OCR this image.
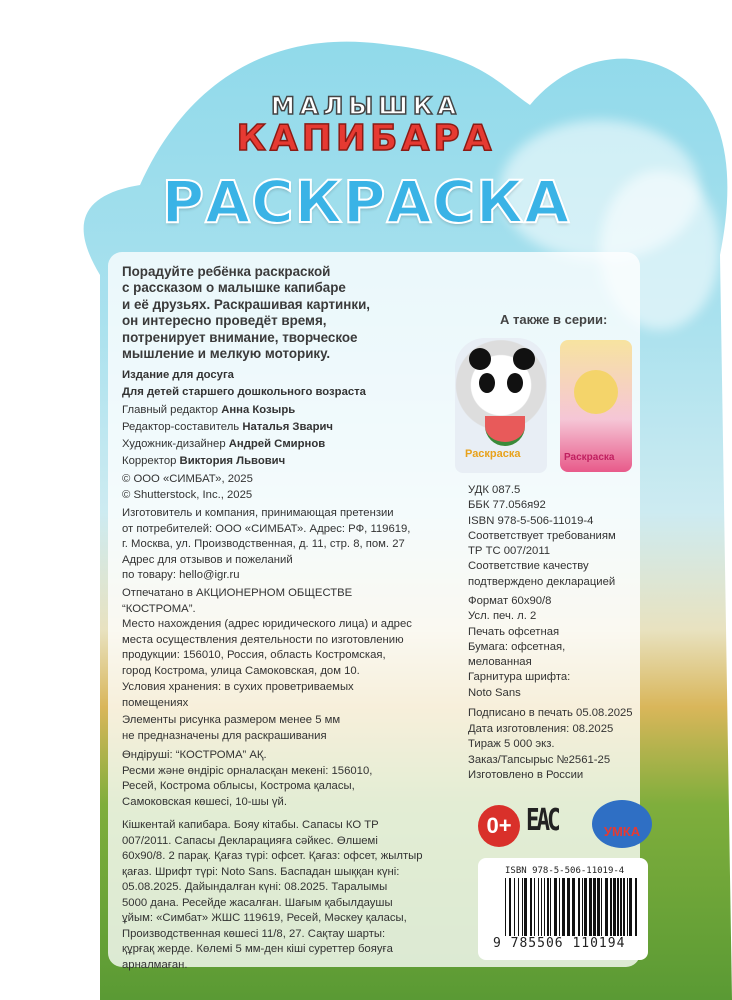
МАЛЫШКА
КАПИБАРА
РАСКРАСКА
Порадуйте ребёнка раскраской
с рассказом о малышке капибаре
и её друзьях. Раскрашивая картинки,
он интересно проведёт время,
потренирует внимание, творческое
мышление и мелкую моторику.
Издание для досуга
Для детей старшего дошкольного возраста
Главный редактор Анна Козырь
Редактор-составитель Наталья Зварич
Художник-дизайнер Андрей Смирнов
Корректор Виктория Львович
© ООО «СИМБАТ», 2025
© Shutterstock, Inc., 2025
Изготовитель и компания, принимающая претензии
от потребителей: ООО «СИМБАТ». Адрес: РФ, 119619,
г. Москва, ул. Производственная, д. 11, стр. 8, пом. 27
Адрес для отзывов и пожеланий
по товару: hello@igr.ru
Отпечатано в АКЦИОНЕРНОМ ОБЩЕСТВЕ
“КОСТРОМА”.
Место нахождения (адрес юридического лица) и адрес
места осуществления деятельности по изготовлению
продукции: 156010, Россия, область Костромская,
город Кострома, улица Самоковская, дом 10.
Условия хранения: в сухих проветриваемых
помещениях
Элементы рисунка размером менее 5 мм
не предназначены для раскрашивания
Өндіруші: “КОСТРОМА” АҚ.
Ресми және өндіріс орналасқан мекені: 156010,
Ресей, Кострома облысы, Кострома қаласы,
Самоковская көшесі, 10-шы үй.
Кішкентай капибара. Бояу кітабы. Сапасы КО ТР
007/2011. Сапасы Декларацияға сәйкес. Өлшемі
60x90/8. 2 парақ. Қағаз түрі: офсет. Қағаз: офсет, жылтыр
қағаз. Шрифт түрі: Noto Sans. Баспадан шыққан күні:
05.08.2025. Дайындалған күні: 08.2025. Таралымы
5000 дана. Ресейде жасалған. Шағым қабылдаушы
ұйым: «Симбат» ЖШС 119619, Ресей, Мәскеу қаласы,
Производственная көшесі 11/8, 27. Сақтау шарты:
құрғақ жерде. Көлемі 5 мм-ден кіші суреттер бояуға
арналмаған.
А также в серии:
Раскраска	Раскраска
УДК 087.5
ББК 77.056я92
ISBN 978-5-506-11019-4
Соответствует требованиям
ТР ТС 007/2011
Соответствие качеству
подтверждено декларацией
Формат 60x90/8
Усл. печ. л. 2
Печать офсетная
Бумага: офсетная,
мелованная
Гарнитура шрифта:
Noto Sans
Подписано в печать 05.08.2025
Дата изготовления: 08.2025
Тираж 5 000 экз.
Заказ/Тапсырыс №2561-25
Изготовлено в России
0+ ЕАС	УМКА
ISBN 978-5-506-11019-4
9 785506 110194
